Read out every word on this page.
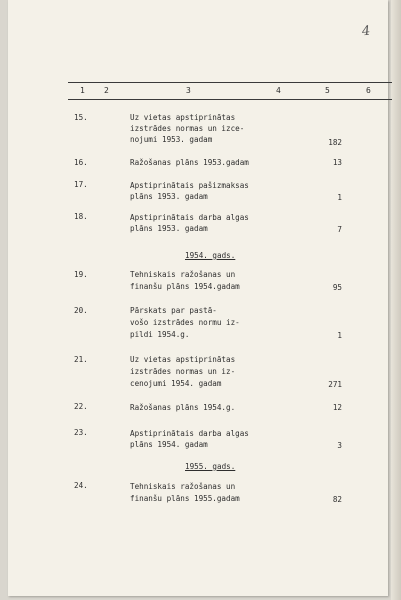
4
1 2	3	4	5	6
15.	Uz vietas apstiprinātas
izstrādes normas un izce-
nojumi 1953. gadam	182
16.	Ražošanas plāns 1953.gadam	13
17.	Apstiprinātais pašizmaksas
plāns 1953. gadam	1
18.	Apstiprinātais darba algas
plāns 1953. gadam	7
1954. gads.
19.	Tehniskais ražošanas un
finanšu plāns 1954.gadam	95
20.	Pārskats par pastā-
vošo izstrādes normu iz-
pildi 1954.g.	1
21.	Uz vietas apstiprinātas
izstrādes normas un iz-
cenojumi 1954. gadam	271
22.	Ražošanas plāns 1954.g.	12
23.	Apstiprinātais darba algas
plāns 1954. gadam	3
1955. gads.
24.	Tehniskais ražošanas un
finanšu plāns 1955.gadam	82
